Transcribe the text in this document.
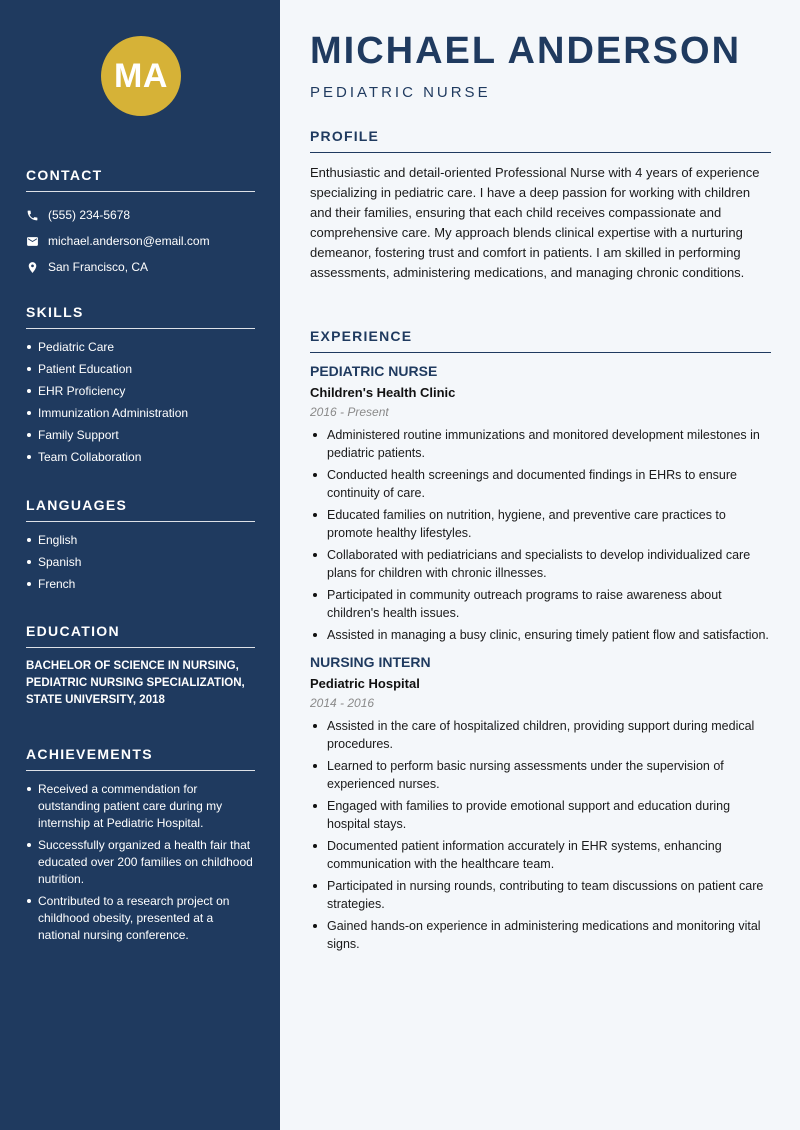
MA
CONTACT
(555) 234-5678
michael.anderson@email.com
San Francisco, CA
SKILLS
Pediatric Care
Patient Education
EHR Proficiency
Immunization Administration
Family Support
Team Collaboration
LANGUAGES
English
Spanish
French
EDUCATION
BACHELOR OF SCIENCE IN NURSING, PEDIATRIC NURSING SPECIALIZATION, STATE UNIVERSITY, 2018
ACHIEVEMENTS
Received a commendation for outstanding patient care during my internship at Pediatric Hospital.
Successfully organized a health fair that educated over 200 families on childhood nutrition.
Contributed to a research project on childhood obesity, presented at a national nursing conference.
MICHAEL ANDERSON
PEDIATRIC NURSE
PROFILE
Enthusiastic and detail-oriented Professional Nurse with 4 years of experience specializing in pediatric care. I have a deep passion for working with children and their families, ensuring that each child receives compassionate and comprehensive care. My approach blends clinical expertise with a nurturing demeanor, fostering trust and comfort in patients. I am skilled in performing assessments, administering medications, and managing chronic conditions.
EXPERIENCE
PEDIATRIC NURSE
Children's Health Clinic
2016 - Present
Administered routine immunizations and monitored development milestones in pediatric patients.
Conducted health screenings and documented findings in EHRs to ensure continuity of care.
Educated families on nutrition, hygiene, and preventive care practices to promote healthy lifestyles.
Collaborated with pediatricians and specialists to develop individualized care plans for children with chronic illnesses.
Participated in community outreach programs to raise awareness about children's health issues.
Assisted in managing a busy clinic, ensuring timely patient flow and satisfaction.
NURSING INTERN
Pediatric Hospital
2014 - 2016
Assisted in the care of hospitalized children, providing support during medical procedures.
Learned to perform basic nursing assessments under the supervision of experienced nurses.
Engaged with families to provide emotional support and education during hospital stays.
Documented patient information accurately in EHR systems, enhancing communication with the healthcare team.
Participated in nursing rounds, contributing to team discussions on patient care strategies.
Gained hands-on experience in administering medications and monitoring vital signs.
